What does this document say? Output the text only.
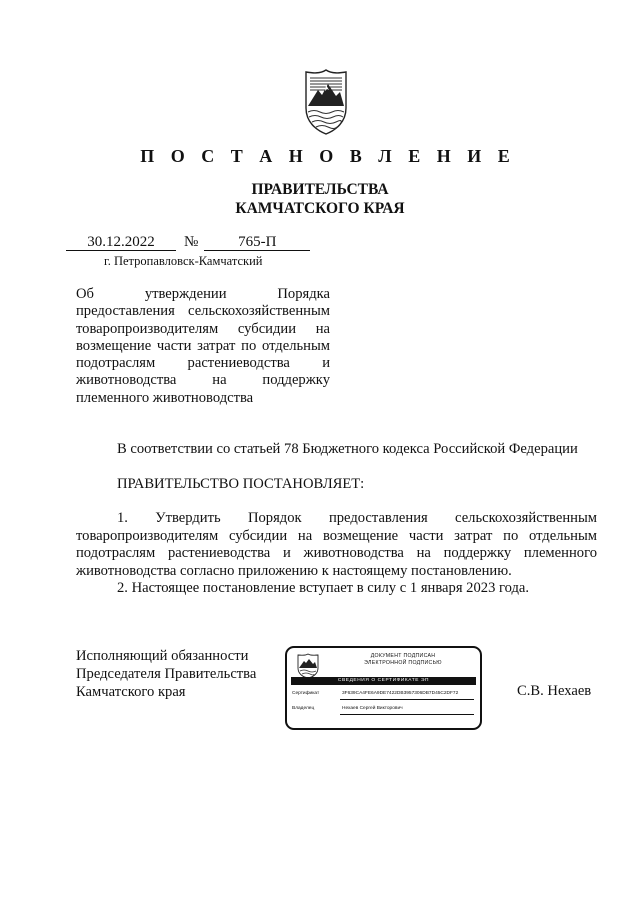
П О С Т А Н О В Л Е Н И Е
ПРАВИТЕЛЬСТВА
КАМЧАТСКОГО КРАЯ
30.12.2022 №	765-П
г. Петропавловск-Камчатский
Об утверждении Порядка
предоставления сельскохозяйственным
товаропроизводителям субсидии на
возмещение части затрат по отдельным
подотраслям растениеводства и
животноводства на поддержку
племенного животноводства
В соответствии со статьей 78 Бюджетного кодекса Российской Федерации
ПРАВИТЕЛЬСТВО ПОСТАНОВЛЯЕТ:
1. Утвердить Порядок предоставления сельскохозяйственным
товаропроизводителям субсидии на возмещение части затрат по отдельным
подотраслям растениеводства и животноводства на поддержку племенного
животноводства согласно приложению к настоящему постановлению.
2. Настоящее постановление вступает в силу с 1 января 2023 года.
Исполняющий обязанности
Председателя Правительства
Камчатского края
ДОКУМЕНТ ПОДПИСАН
ЭЛЕКТРОННОЙ ПОДПИСЬЮ
СВЕДЕНИЯ О СЕРТИФИКАТЕ ЭП
Сертификат	3F639CA4FE6A9DE7422DB3957306DB7D45C2DF72
Владелец	Нехаев Сергей Викторович
С.В. Нехаев
